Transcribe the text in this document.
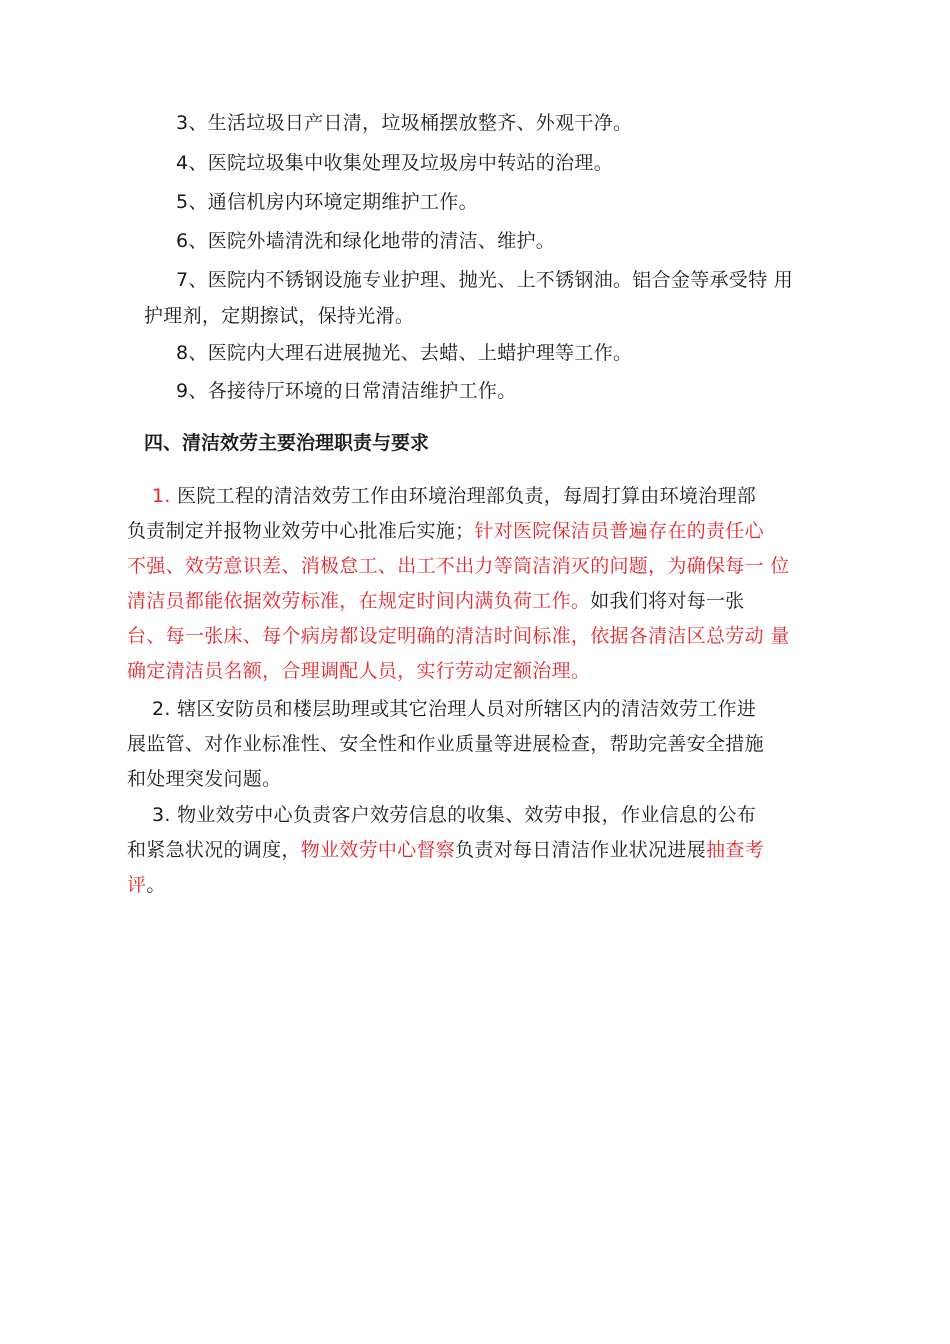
3、生活垃圾日产日清，垃圾桶摆放整齐、外观干净。
4、医院垃圾集中收集处理及垃圾房中转站的治理。
5、通信机房内环境定期维护工作。
6、医院外墙清洗和绿化地带的清洁、维护。
7、医院内不锈钢设施专业护理、抛光、上不锈钢油。铝合金等承受特 用
护理剂，定期擦试，保持光滑。
8、医院内大理石进展抛光、去蜡、上蜡护理等工作。
9、各接待厅环境的日常清洁维护工作。
四、清洁效劳主要治理职责与要求
1. 医院工程的清洁效劳工作由环境治理部负责，每周打算由环境治理部
负责制定并报物业效劳中心批准后实施；针对医院保洁员普遍存在的责任心
不强、效劳意识差、消极怠工、出工不出力等筒洁消灭的问题，为确保每一 位
清洁员都能依据效劳标准，在规定时间内满负荷工作。如我们将对每一张
台、每一张床、每个病房都设定明确的清洁时间标准，依据各清洁区总劳动 量
确定清洁员名额，合理调配人员，实行劳动定额治理。
2. 辖区安防员和楼层助理或其它治理人员对所辖区内的清洁效劳工作进
展监管、对作业标准性、安全性和作业质量等进展检查，帮助完善安全措施
和处理突发问题。
3. 物业效劳中心负责客户效劳信息的收集、效劳申报，作业信息的公布
和紧急状况的调度，物业效劳中心督察负责对每日清洁作业状况进展抽查考
评。
